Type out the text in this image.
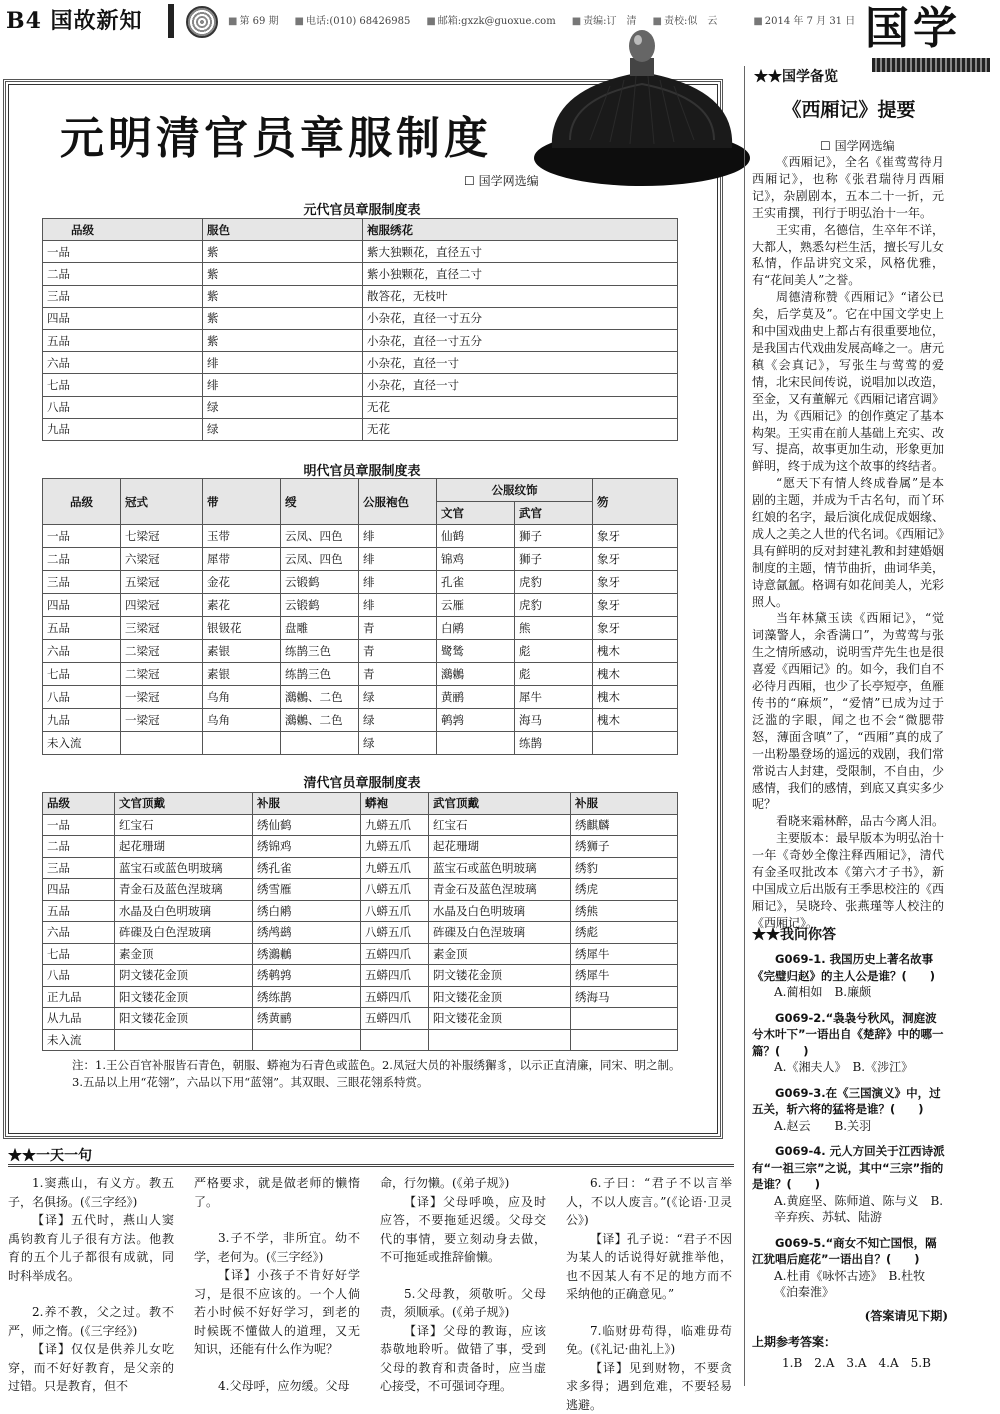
B4 国故新知	■ 第 69 期	■ 电话:(010) 68426985	■ 邮箱:gxzk@guoxue.com	■ 责编:订　清	■ 责校:似　云	■ 2014 年 7 月 31 日 国学
元明清官员章服制度
☐ 国学网选编
元代官员章服制度表
品级	服色	袍服绣花
一品	紫	紫大独颗花，直径五寸
二品	紫	紫小独颗花，直径二寸
三品	紫	散答花，无枝叶
四品	紫	小杂花，直径一寸五分
五品	紫	小杂花，直径一寸五分
六品	绯	小杂花，直径一寸
七品	绯	小杂花，直径一寸
八品	绿	无花
九品	绿	无花
明代官员章服制度表
品级	冠式	带	绶	公服袍色	公服纹饰		笏
					文官	武官	
一品	七梁冠	玉带	云凤、四色	绯	仙鹤	狮子	象牙
二品	六梁冠	犀带	云凤、四色	绯	锦鸡	狮子	象牙
三品	五梁冠	金花	云锻鹤	绯	孔雀	虎豹	象牙
四品	四梁冠	素花	云锻鹤	绯	云雁	虎豹	象牙
五品	三梁冠	银钑花	盘雕	青	白鹇	熊	象牙
六品	二梁冠	素银	练鹊三色	青	鹭鸶	彪	槐木
七品	二梁冠	素银	练鹊三色	青	鸂鶒	彪	槐木
八品	一梁冠	乌角	鸂鶒、二色	绿	黄鹂	犀牛	槐木
九品	一梁冠	乌角	鸂鶒、二色	绿	鹌鹑	海马	槐木
未入流				绿		练鹊	
清代官员章服制度表
品级	文官顶戴	补服	蟒袍	武官顶戴	补服
一品	红宝石	绣仙鹤	九蟒五爪	红宝石	绣麒麟
二品	起花珊瑚	绣锦鸡	九蟒五爪	起花珊瑚	绣狮子
三品	蓝宝石或蓝色明玻璃	绣孔雀	九蟒五爪	蓝宝石或蓝色明玻璃	绣豹
四品	青金石及蓝色涅玻璃	绣雪雁	八蟒五爪	青金石及蓝色涅玻璃	绣虎
五品	水晶及白色明玻璃	绣白鹇	八蟒五爪	水晶及白色明玻璃	绣熊
六品	砗磲及白色涅玻璃	绣鸬鹚	八蟒五爪	砗磲及白色涅玻璃	绣彪
七品	素金顶	绣鸂鶒	五蟒四爪	素金顶	绣犀牛
八品	阴文镂花金顶	绣鹌鹑	五蟒四爪	阴文镂花金顶	绣犀牛
正九品	阳文镂花金顶	绣练鹊	五蟒四爪	阳文镂花金顶	绣海马
从九品	阳文镂花金顶	绣黄鹂	五蟒四爪	阳文镂花金顶	
未入流					
注：1.王公百官补服皆石青色，朝服、蟒袍为石青色或蓝色。2.凤冠大员的补服绣獬豸，以示正直清廉，同宋、明之制。3.五品以上用“花翎”，六品以下用“蓝翎”。其双眼、三眼花翎系特赏。
★★国学备览
《西厢记》提要
☐ 国学网选编

《西厢记》，全名《崔莺莺待月西厢记》，也称《张君瑞待月西厢记》，杂剧剧本，五本二十一折，元王实甫撰，刊行于明弘治十一年。

王实甫，名德信，生卒年不详，大都人，熟悉勾栏生活，擅长写儿女私情，作品讲究文采，风格优雅，有“花间美人”之誉。

周德清称赞《西厢记》“诸公已矣，后学莫及”。它在中国文学史上和中国戏曲史上都占有很重要地位，是我国古代戏曲发展高峰之一。唐元稹《会真记》，写张生与莺莺的爱情，北宋民间传说，说唱加以改造，至金，又有董解元《西厢记诸宫调》出，为《西厢记》的创作奠定了基本构架。王实甫在前人基础上充实、改写、提高，故事更加生动，形象更加鲜明，终于成为这个故事的终结者。

“愿天下有情人终成眷属”是本剧的主题，并成为千古名句，而丫环红娘的名字，最后演化成促成姻缘、成人之美之人世的代名词。《西厢记》具有鲜明的反对封建礼教和封建婚姻制度的主题，情节曲折，曲词华美，诗意氤氲。格调有如花间美人，光彩照人。

当年林黛玉读《西厢记》，“觉词藻警人，余香满口”，为莺莺与张生之情所感动，说明雪芹先生也是很喜爱《西厢记》的。如今，我们自不必待月西厢，也少了长亭短亭，鱼雁传书的“麻烦”，“爱情”已成为过于泛滥的字眼，闻之也不会“微腮带怒，薄面含嗔”了，“西厢”真的成了一出粉墨登场的遥远的戏剧，我们常常说古人封建，受限制，不自由，少感情，我们的感情，到底又真实多少呢？

看晓来霜林醉，品古今离人泪。

主要版本：最早版本为明弘治十一年《奇妙全像注释西厢记》，清代有金圣叹批改本《第六才子书》，新中国成立后出版有王季思校注的《西厢记》，吴晓玲、张燕瑾等人校注的《西厢记》。

★★我问你答
G069-1. 我国历史上著名故事《完璧归赵》的主人公是谁？(　　)
A.蔺相如　B.廉颇
G069-2.“袅袅兮秋风，洞庭波兮木叶下”一语出自《楚辞》中的哪一篇？(　　)
A.《湘夫人》　B.《涉江》
G069-3.在《三国演义》中，过五关，斩六将的猛将是谁？(　　)
A.赵云　　B.关羽
G069-4. 元人方回关于江西诗派有“一祖三宗”之说，其中“三宗”指的是谁？(　　)
A.黄庭坚、陈师道、陈与义　B.辛弃疾、苏轼、陆游
G069-5.“商女不知亡国恨，隔江犹唱后庭花”一语出自？(　　)
A.杜甫《咏怀古迹》　B.杜牧《泊秦淮》
(答案请见下期)
上期参考答案：
1.B　2.A　3.A　4.A　5.B
★★一天一句

1.窦燕山，有义方。教五子，名俱扬。(《三字经》)

【译】五代时，燕山人窦禹钧教育儿子很有方法。他教育的五个儿子都很有成就，同时科举成名。

2.养不教，父之过。教不严，师之惰。(《三字经》)

【译】仅仅是供养儿女吃穿，而不好好教育，是父亲的过错。只是教育，但不
严格要求，就是做老师的懒惰了。

3.子不学，非所宜。幼不学，老何为。(《三字经》)

【译】小孩子不肯好好学习，是很不应该的。一个人倘若小时候不好好学习，到老的时候既不懂做人的道理，又无知识，还能有什么作为呢？

4.父母呼，应勿缓。父母

命，行勿懒。(《弟子规》)
【译】父母呼唤，应及时应答，不要拖延迟缓。父母交代的事情，要立刻动身去做，不可拖延或推辞偷懒。

5.父母教，须敬听。父母责，须顺承。(《弟子规》)

【译】父母的教诲，应该恭敬地聆听。做错了事，受到父母的教育和责备时，应当虚心接受，不可强词夺理。

6.子曰：“君子不以言举人，不以人废言。”(《论语·卫灵公》)

【译】孔子说：“君子不因为某人的话说得好就推举他，也不因某人有不足的地方而不采纳他的正确意见。”

7.临财毋苟得，临难毋苟免。(《礼记·曲礼上》)

【译】见到财物，不要贪求多得；遇到危难，不要轻易逃避。
